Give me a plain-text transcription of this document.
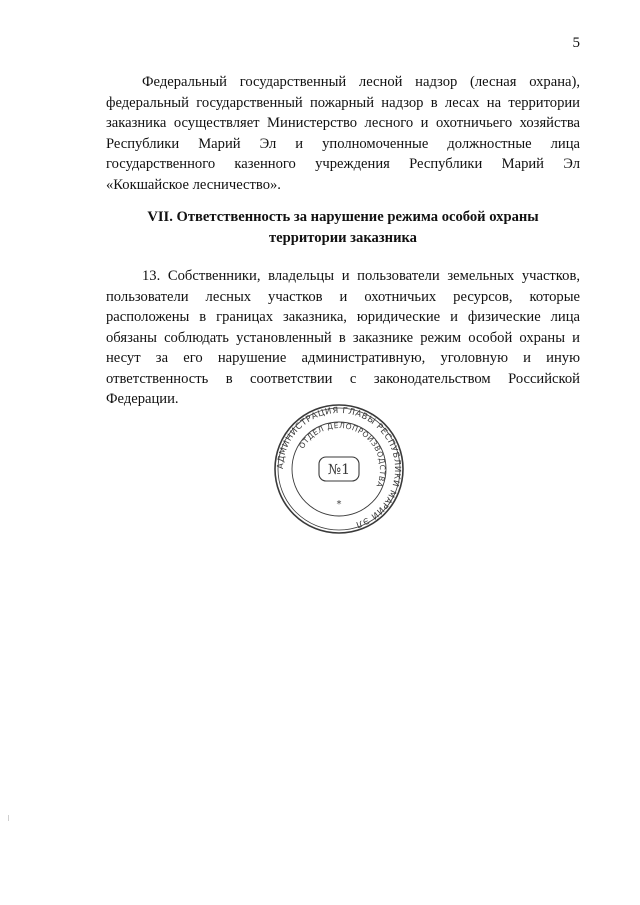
5

Федеральный государственный лесной надзор (лесная охрана), федеральный государственный пожарный надзор в лесах на территории заказника осуществляет Министерство лесного и охотничьего хозяйства Республики Марий Эл и уполномоченные должностные лица государственного казенного учреждения Республики Марий Эл «Кокшайское лесничество».

VII. Ответственность за нарушение режима особой охраны
территории заказника

13. Собственники, владельцы и пользователи земельных участков, пользователи лесных участков и охотничьих ресурсов, которые расположены в границах заказника, юридические и физические лица обязаны соблюдать установленный в заказнике режим особой охраны и несут за его нарушение административную, уголовную и иную ответственность в соответствии с законодательством Российской Федерации.

АДМИНИСТРАЦИЯ ГЛАВЫ РЕСПУБЛИКИ МАРИЙ ЭЛ
ОТДЕЛ ДЕЛОПРОИЗВОДСТВА
№1
*
